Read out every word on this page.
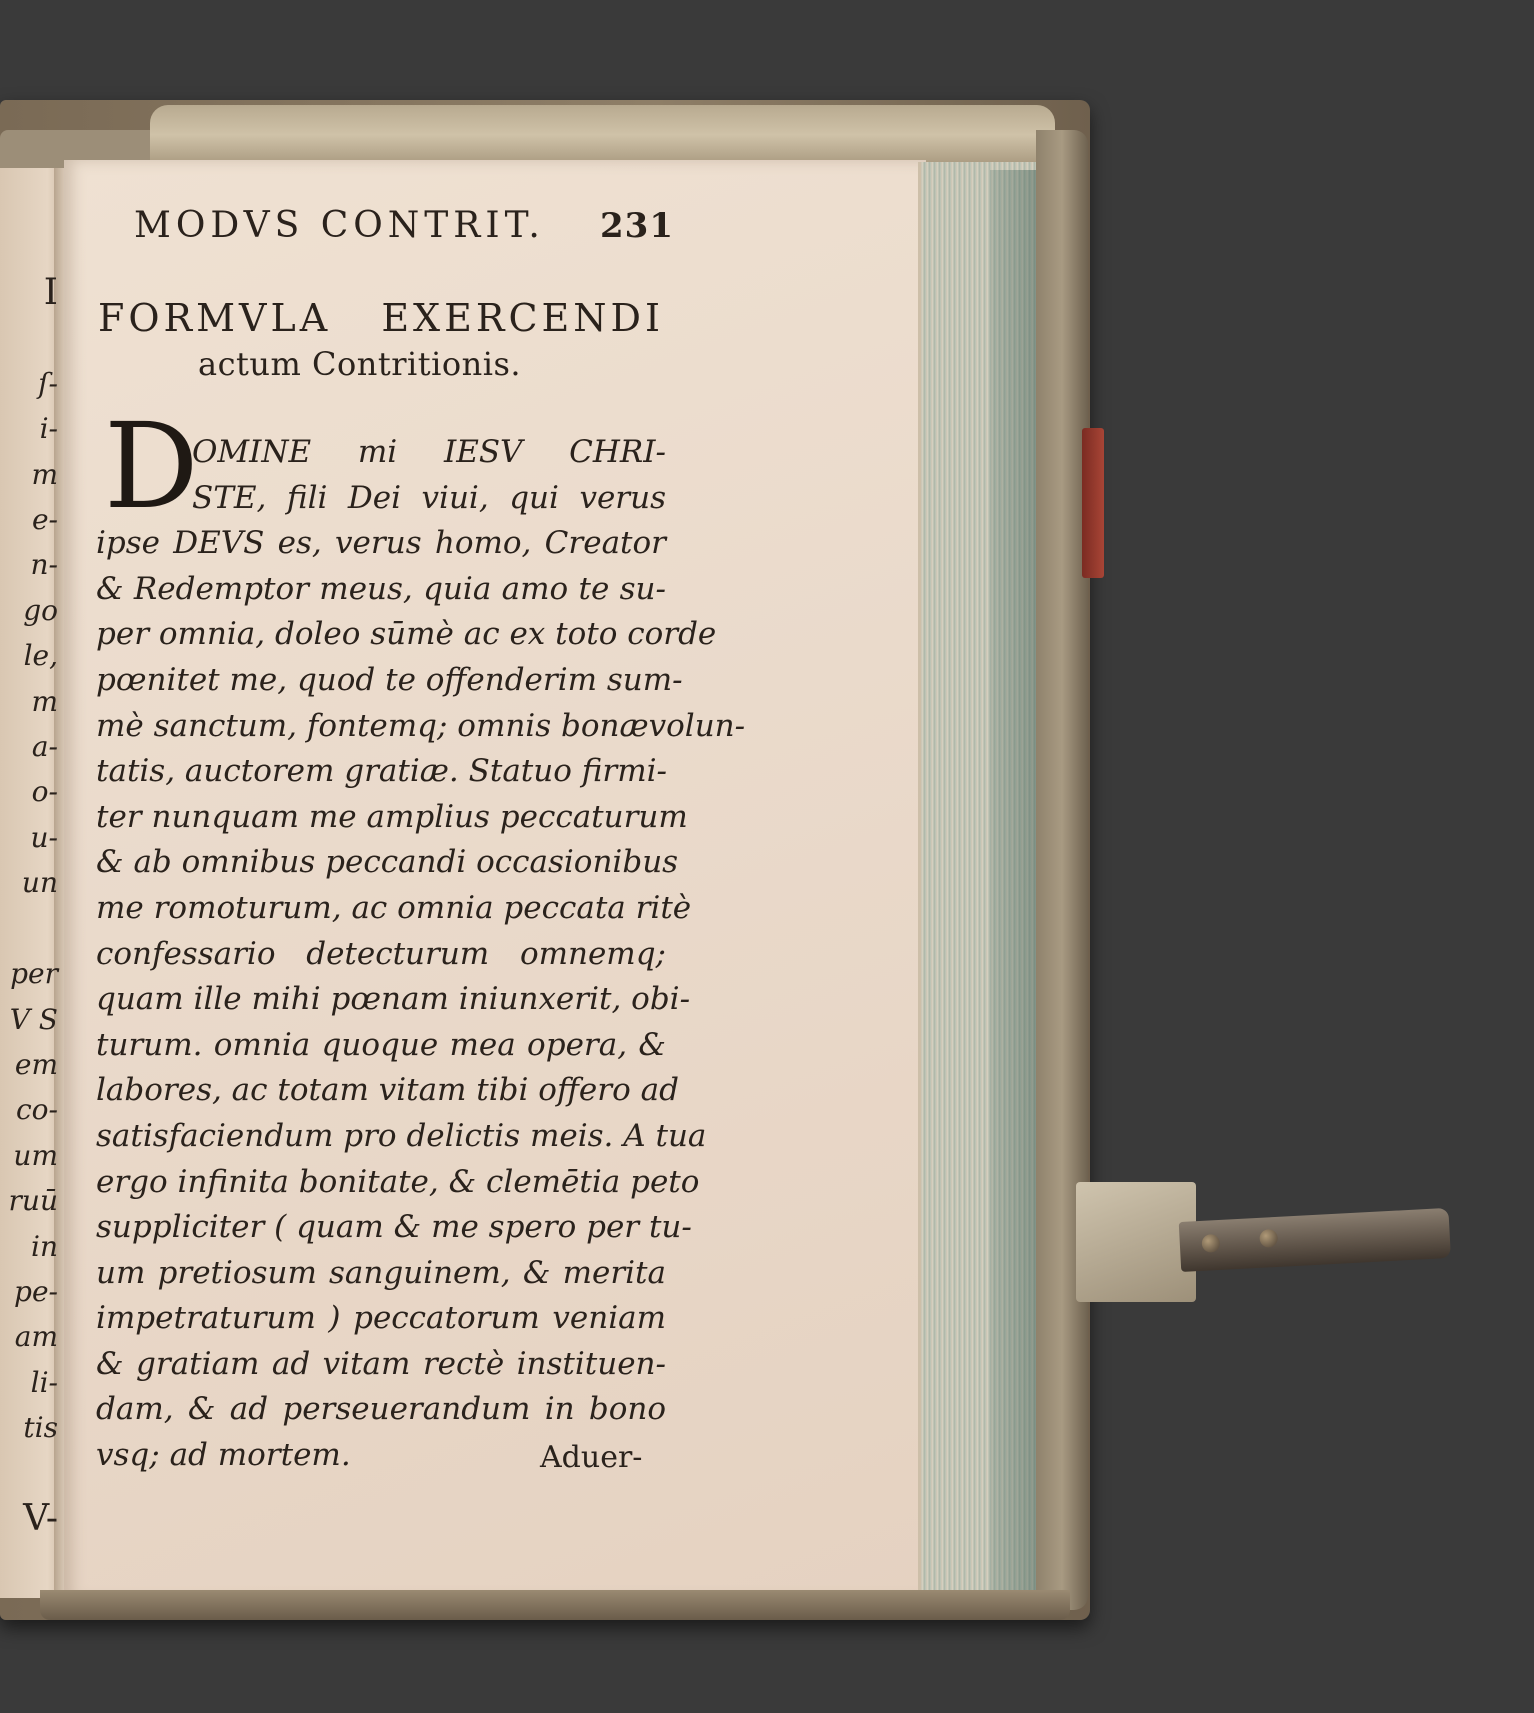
I

ſ-
i-
m
e-
n-
go
le,
m
a-
o-
u-
un

per
V S
em
co-
um
ruū
in
pe-
am
li-
tis

V-
MODVS CONTRIT. 231
FORMVLA EXERCENDI
actum Contritionis.
D
OMINE mi IESV CHRI-
STE, fili Dei viui, qui verus
ipse DEVS es, verus homo, Creator
& Redemptor meus, quia amo te su-
per omnia, doleo sūmè ac ex toto corde
pœnitet me, quod te offenderim sum-
mè sanctum, fontemq; omnis bonævolun-
tatis, auctorem gratiæ. Statuo firmi-
ter nunquam me amplius peccaturum
& ab omnibus peccandi occasionibus
me romoturum, ac omnia peccata ritè
confessario detecturum omnemq;
quam ille mihi pœnam iniunxerit, obi-
turum. omnia quoque mea opera, &
labores, ac totam vitam tibi offero ad
satisfaciendum pro delictis meis. A tua
ergo infinita bonitate, & clemētia peto
suppliciter ( quam & me spero per tu-
um pretiosum sanguinem, & merita
impetraturum ) peccatorum veniam
& gratiam ad vitam rectè instituen-
dam, & ad perseuerandum in bono
vsq; ad mortem.	Aduer-
